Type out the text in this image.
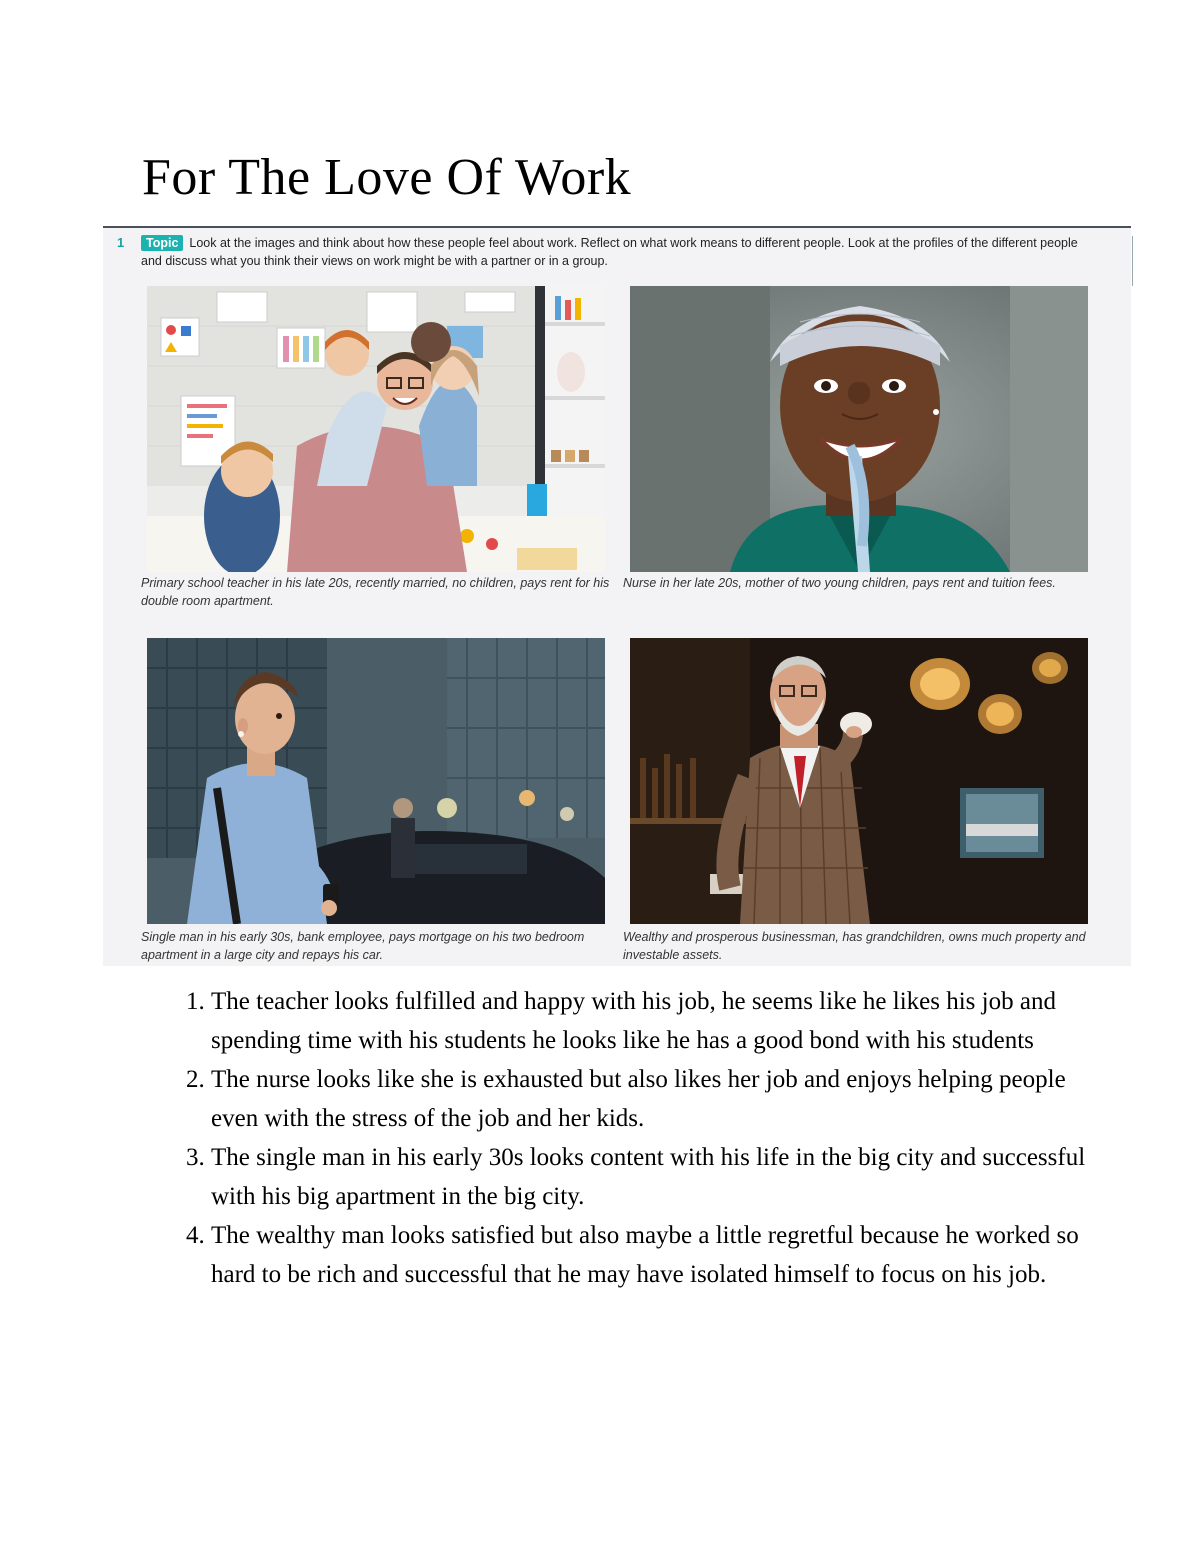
For The Love Of Work
1	Topic Look at the images and think about how these people feel about work. Reflect on what work means to different people. Look at the profiles of the different people and discuss what you think their views on work might be with a partner or in a group.
Primary school teacher in his late 20s, recently married, no children, pays rent for his double room apartment.
Nurse in her late 20s, mother of two young children, pays rent and tuition fees.
Single man in his early 30s, bank employee, pays mortgage on his two bedroom apartment in a large city and repays his car.
Wealthy and prosperous businessman, has grandchildren, owns much property and investable assets.
1. The teacher looks fulfilled and happy with his job, he seems like he likes his job and spending time with his students he looks like he has a good bond with his students
2. The nurse looks like she is exhausted but also likes her job and enjoys helping people even with the stress of the job and her kids.
3. The single man in his early 30s looks content with his life in the big city and successful with his big apartment in the big city.
4. The wealthy man looks satisfied but also maybe a little regretful because he worked so hard to be rich and successful that he may have isolated himself to focus on his job.
